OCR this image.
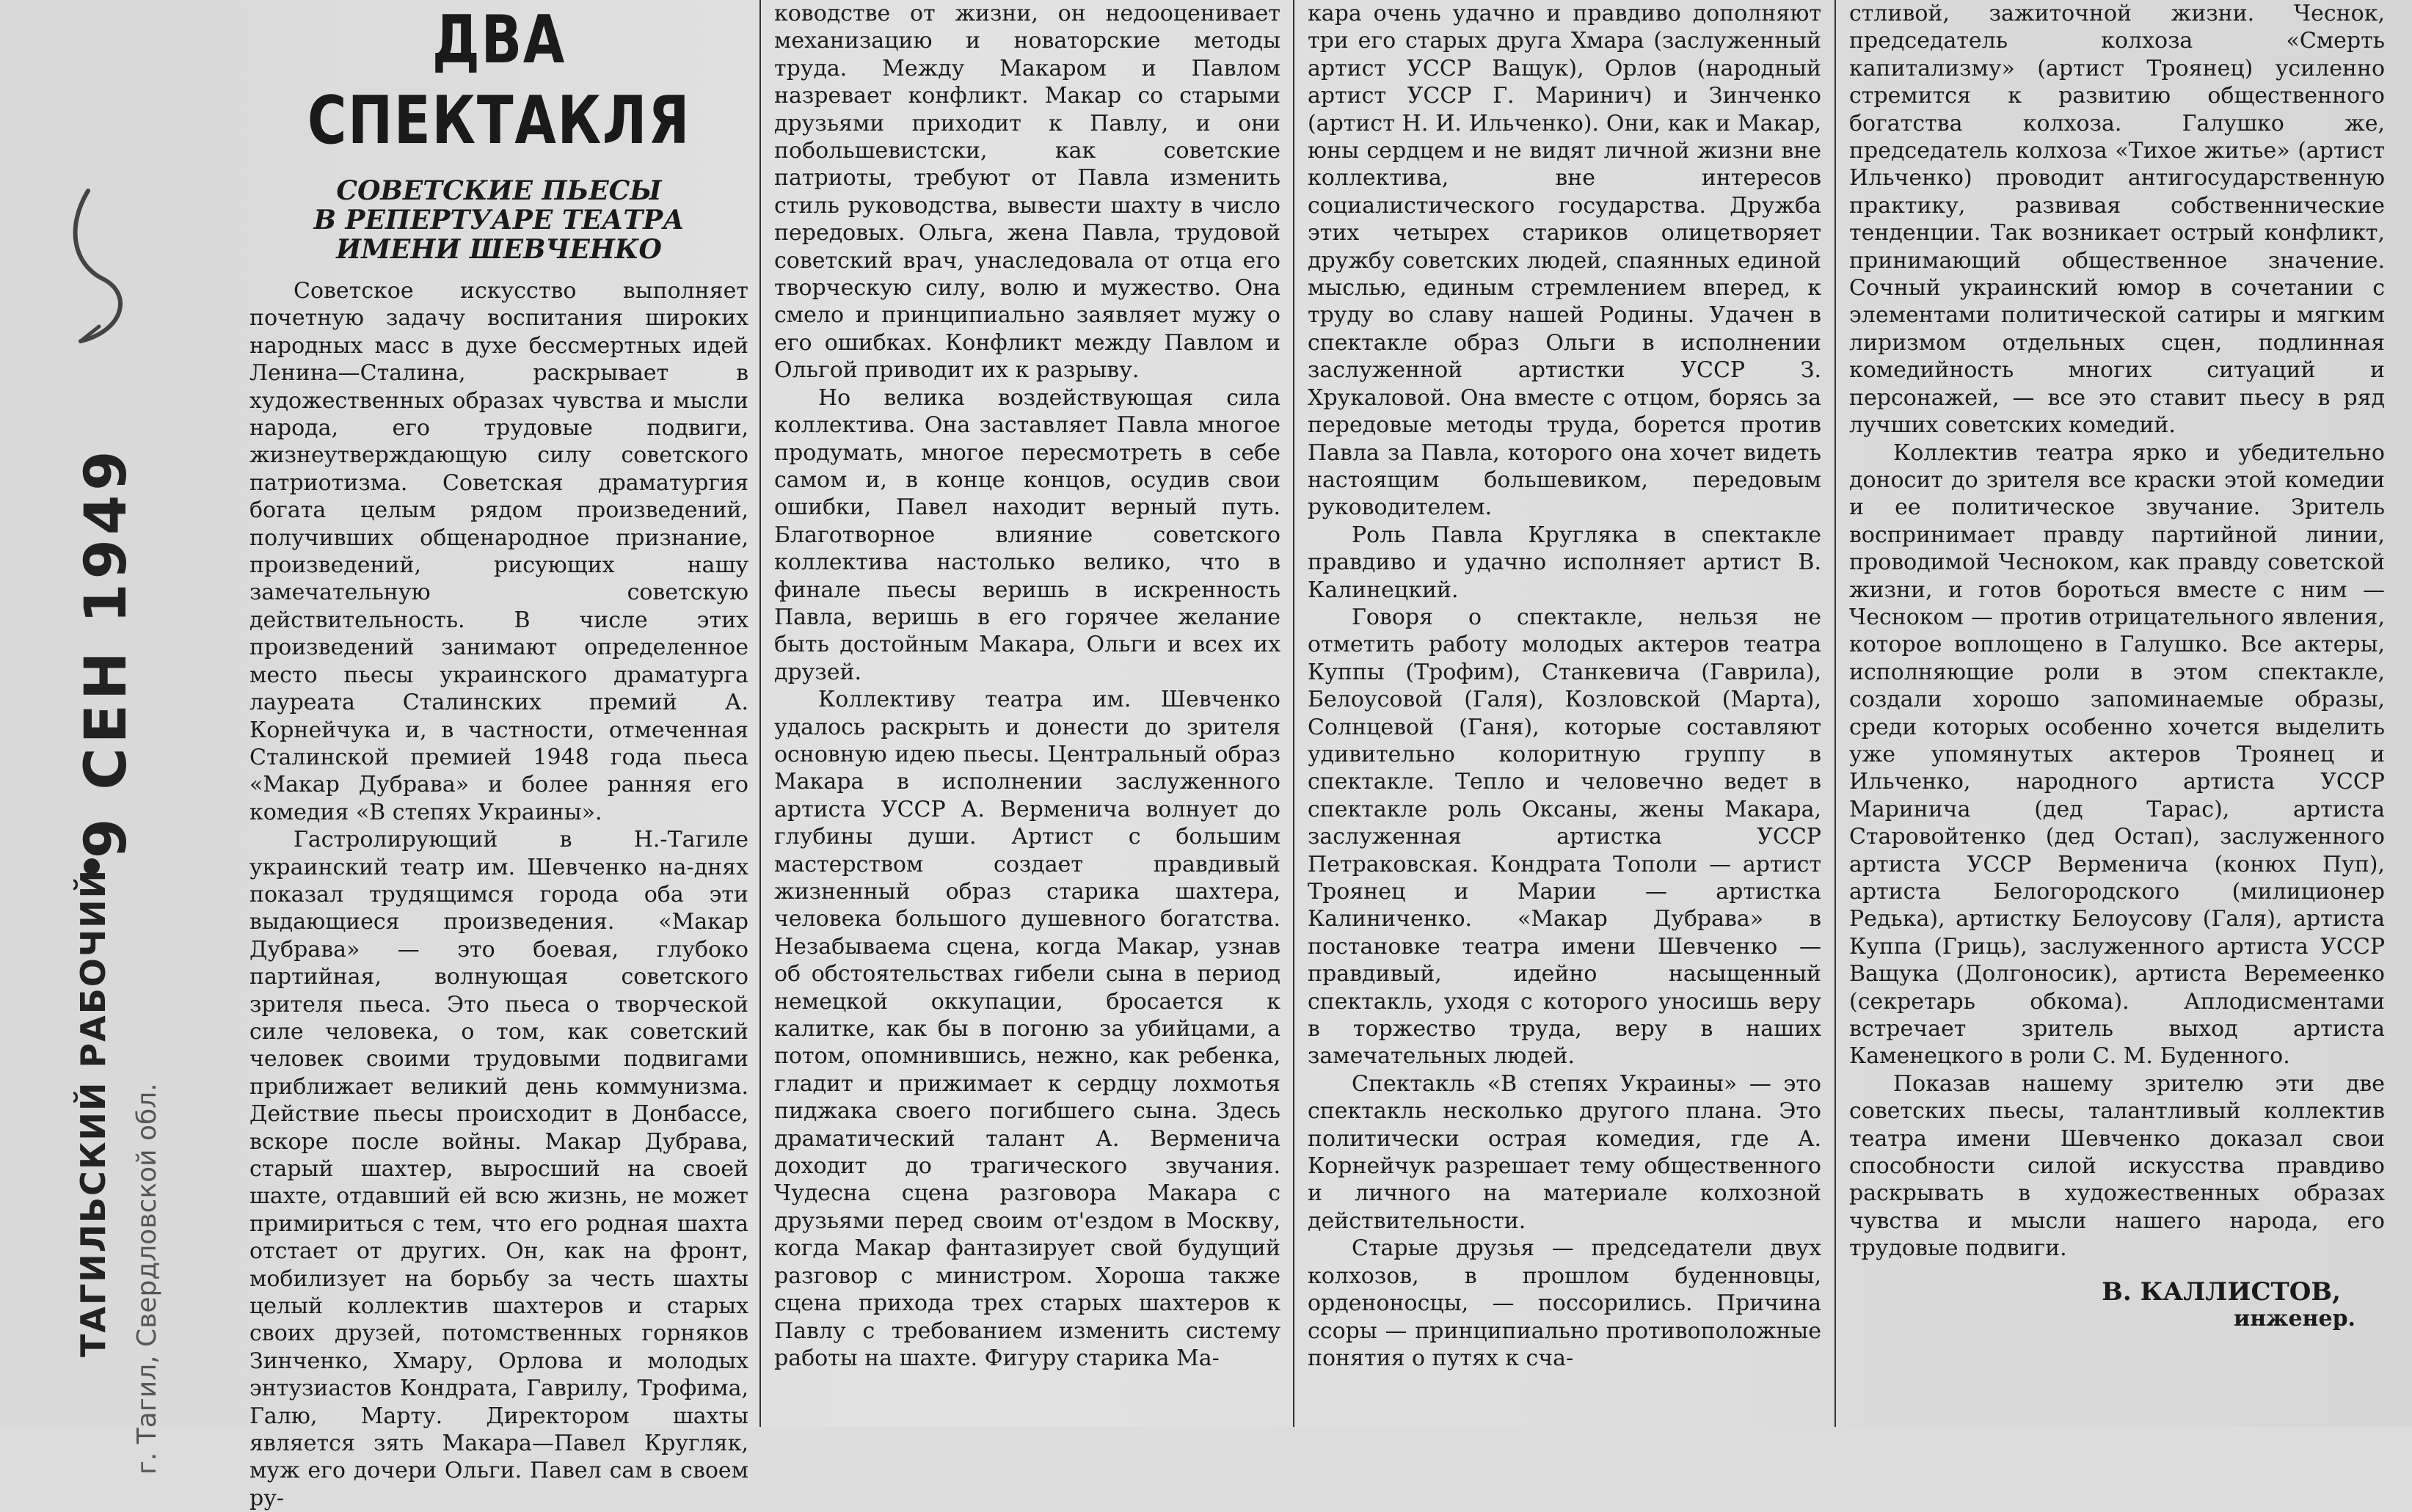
9 СЕН 1949
ТАГИЛЬСКИЙ РАБОЧИЙ г. Тагил, Свердловской обл.
ДВА СПЕКТАКЛЯ
СОВЕТСКИЕ ПЬЕСЫ
В РЕПЕРТУАРЕ ТЕАТРА
ИМЕНИ ШЕВЧЕНКО

Советское искусство выполняет почетную задачу воспитания широких народных масс в духе бессмертных идей Ленина—Сталина, раскрывает в художественных образах чувства и мысли народа, его трудовые подвиги, жизнеутверждающую силу советского патриотизма. Советская драматургия богата целым рядом произведений, получивших общенародное признание, произведений, рисующих нашу замечательную советскую действительность. В числе этих произведений занимают определенное место пьесы украинского драматурга лауреата Сталинских премий А. Корнейчука и, в частности, отмеченная Сталинской премией 1948 года пьеса «Макар Дубрава» и более ранняя его комедия «В степях Украины».

Гастролирующий в Н.-Тагиле украинский театр им. Шевченко на-днях показал трудящимся города оба эти выдающиеся произведения. «Макар Дубрава» — это боевая, глубоко партийная, волнующая советского зрителя пьеса. Это пьеса о творческой силе человека, о том, как советский человек своими трудовыми подвигами приближает великий день коммунизма. Действие пьесы происходит в Донбассе, вскоре после войны. Макар Дубрава, старый шахтер, выросший на своей шахте, отдавший ей всю жизнь, не может примириться с тем, что его родная шахта отстает от других. Он, как на фронт, мобилизует на борьбу за честь шахты целый коллектив шахтеров и старых своих друзей, потомственных горняков Зинченко, Хмару, Орлова и молодых энтузиастов Кондрата, Гаврилу, Трофима, Галю, Марту. Директором шахты является зять Макара—Павел Кругляк, муж его дочери Ольги. Павел сам в своем ру-

ководстве от жизни, он недооценивает механизацию и новаторские методы труда. Между Макаром и Павлом назревает конфликт. Макар со старыми друзьями приходит к Павлу, и они побольшевистски, как советские патриоты, требуют от Павла изменить стиль руководства, вывести шахту в число передовых. Ольга, жена Павла, трудовой советский врач, унаследовала от отца его творческую силу, волю и мужество. Она смело и принципиально заявляет мужу о его ошибках. Конфликт между Павлом и Ольгой приводит их к разрыву.

Но велика воздействующая сила коллектива. Она заставляет Павла многое продумать, многое пересмотреть в себе самом и, в конце концов, осудив свои ошибки, Павел находит верный путь. Благотворное влияние советского коллектива настолько велико, что в финале пьесы веришь в искренность Павла, веришь в его горячее желание быть достойным Макара, Ольги и всех их друзей.

Коллективу театра им. Шевченко удалось раскрыть и донести до зрителя основную идею пьесы. Центральный образ Макара в исполнении заслуженного артиста УССР А. Верменича волнует до глубины души. Артист с большим мастерством создает правдивый жизненный образ старика шахтера, человека большого душевного богатства. Незабываема сцена, когда Макар, узнав об обстоятельствах гибели сына в период немецкой оккупации, бросается к калитке, как бы в погоню за убийцами, а потом, опомнившись, нежно, как ребенка, гладит и прижимает к сердцу лохмотья пиджака своего погибшего сына. Здесь драматический талант А. Верменича доходит до трагического звучания. Чудесна сцена разговора Макара с друзьями перед своим от'ездом в Москву, когда Макар фантазирует свой будущий разговор с министром. Хороша также сцена прихода трех старых шахтеров к Павлу с требованием изменить систему работы на шахте. Фигуру старика Ма-

кара очень удачно и правдиво дополняют три его старых друга Хмара (заслуженный артист УССР Ващук), Орлов (народный артист УССР Г. Маринич) и Зинченко (артист Н. И. Ильченко). Они, как и Макар, юны сердцем и не видят личной жизни вне коллектива, вне интересов социалистического государства. Дружба этих четырех стариков олицетворяет дружбу советских людей, спаянных единой мыслью, единым стремлением вперед, к труду во славу нашей Родины. Удачен в спектакле образ Ольги в исполнении заслуженной артистки УССР З. Хрукаловой. Она вместе с отцом, борясь за передовые методы труда, борется против Павла за Павла, которого она хочет видеть настоящим большевиком, передовым руководителем.

Роль Павла Кругляка в спектакле правдиво и удачно исполняет артист В. Калинецкий.

Говоря о спектакле, нельзя не отметить работу молодых актеров театра Куппы (Трофим), Станкевича (Гаврила), Белоусовой (Галя), Козловской (Марта), Солнцевой (Ганя), которые составляют удивительно колоритную группу в спектакле. Тепло и человечно ведет в спектакле роль Оксаны, жены Макара, заслуженная артистка УССР Петраковская. Кондрата Тополи — артист Троянец и Марии — артистка Калиниченко. «Макар Дубрава» в постановке театра имени Шевченко — правдивый, идейно насыщенный спектакль, уходя с которого уносишь веру в торжество труда, веру в наших замечательных людей.

Спектакль «В степях Украины» — это спектакль несколько другого плана. Это политически острая комедия, где А. Корнейчук разрешает тему общественного и личного на материале колхозной действительности.

Старые друзья — председатели двух колхозов, в прошлом буденновцы, орденоносцы, — поссорились. Причина ссоры — принципиально противоположные понятия о путях к сча-

стливой, зажиточной жизни. Чеснок, председатель колхоза «Смерть капитализму» (артист Троянец) усиленно стремится к развитию общественного богатства колхоза. Галушко же, председатель колхоза «Тихое житье» (артист Ильченко) проводит антигосударственную практику, развивая собственнические тенденции. Так возникает острый конфликт, принимающий общественное значение. Сочный украинский юмор в сочетании с элементами политической сатиры и мягким лиризмом отдельных сцен, подлинная комедийность многих ситуаций и персонажей, — все это ставит пьесу в ряд лучших советских комедий.

Коллектив театра ярко и убедительно доносит до зрителя все краски этой комедии и ее политическое звучание. Зритель воспринимает правду партийной линии, проводимой Чесноком, как правду советской жизни, и готов бороться вместе с ним — Чесноком — против отрицательного явления, которое воплощено в Галушко. Все актеры, исполняющие роли в этом спектакле, создали хорошо запоминаемые образы, среди которых особенно хочется выделить уже упомянутых актеров Троянец и Ильченко, народного артиста УССР Маринича (дед Тарас), артиста Старовойтенко (дед Остап), заслуженного артиста УССР Верменича (конюх Пуп), артиста Белогородского (милиционер Редька), артистку Белоусову (Галя), артиста Куппа (Гриць), заслуженного артиста УССР Ващука (Долгоносик), артиста Веремеенко (секретарь обкома). Аплодисментами встречает зритель выход артиста Каменецкого в роли С. М. Буденного.

Показав нашему зрителю эти две советских пьесы, талантливый коллектив театра имени Шевченко доказал свои способности силой искусства правдиво раскрывать в художественных образах чувства и мысли нашего народа, его трудовые подвиги.

В. КАЛЛИСТОВ,
инженер.
